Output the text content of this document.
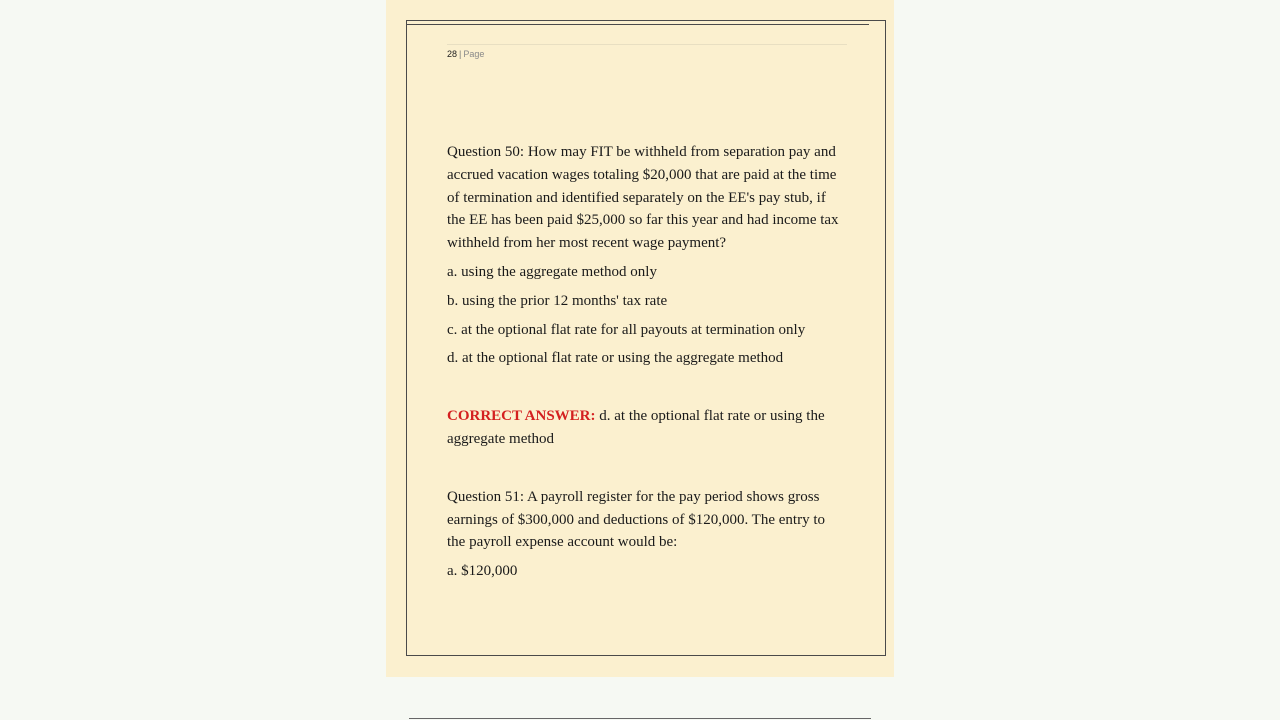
28 | Page

Question 50: How may FIT be withheld from separation pay and accrued vacation wages totaling $20,000 that are paid at the time of termination and identified separately on the EE's pay stub, if the EE has been paid $25,000 so far this year and had income tax withheld from her most recent wage payment?

a. using the aggregate method only

b. using the prior 12 months' tax rate

c. at the optional flat rate for all payouts at termination only

d. at the optional flat rate or using the aggregate method

CORRECT ANSWER: d. at the optional flat rate or using the aggregate method

Question 51: A payroll register for the pay period shows gross earnings of $300,000 and deductions of $120,000. The entry to the payroll expense account would be:

a. $120,000
